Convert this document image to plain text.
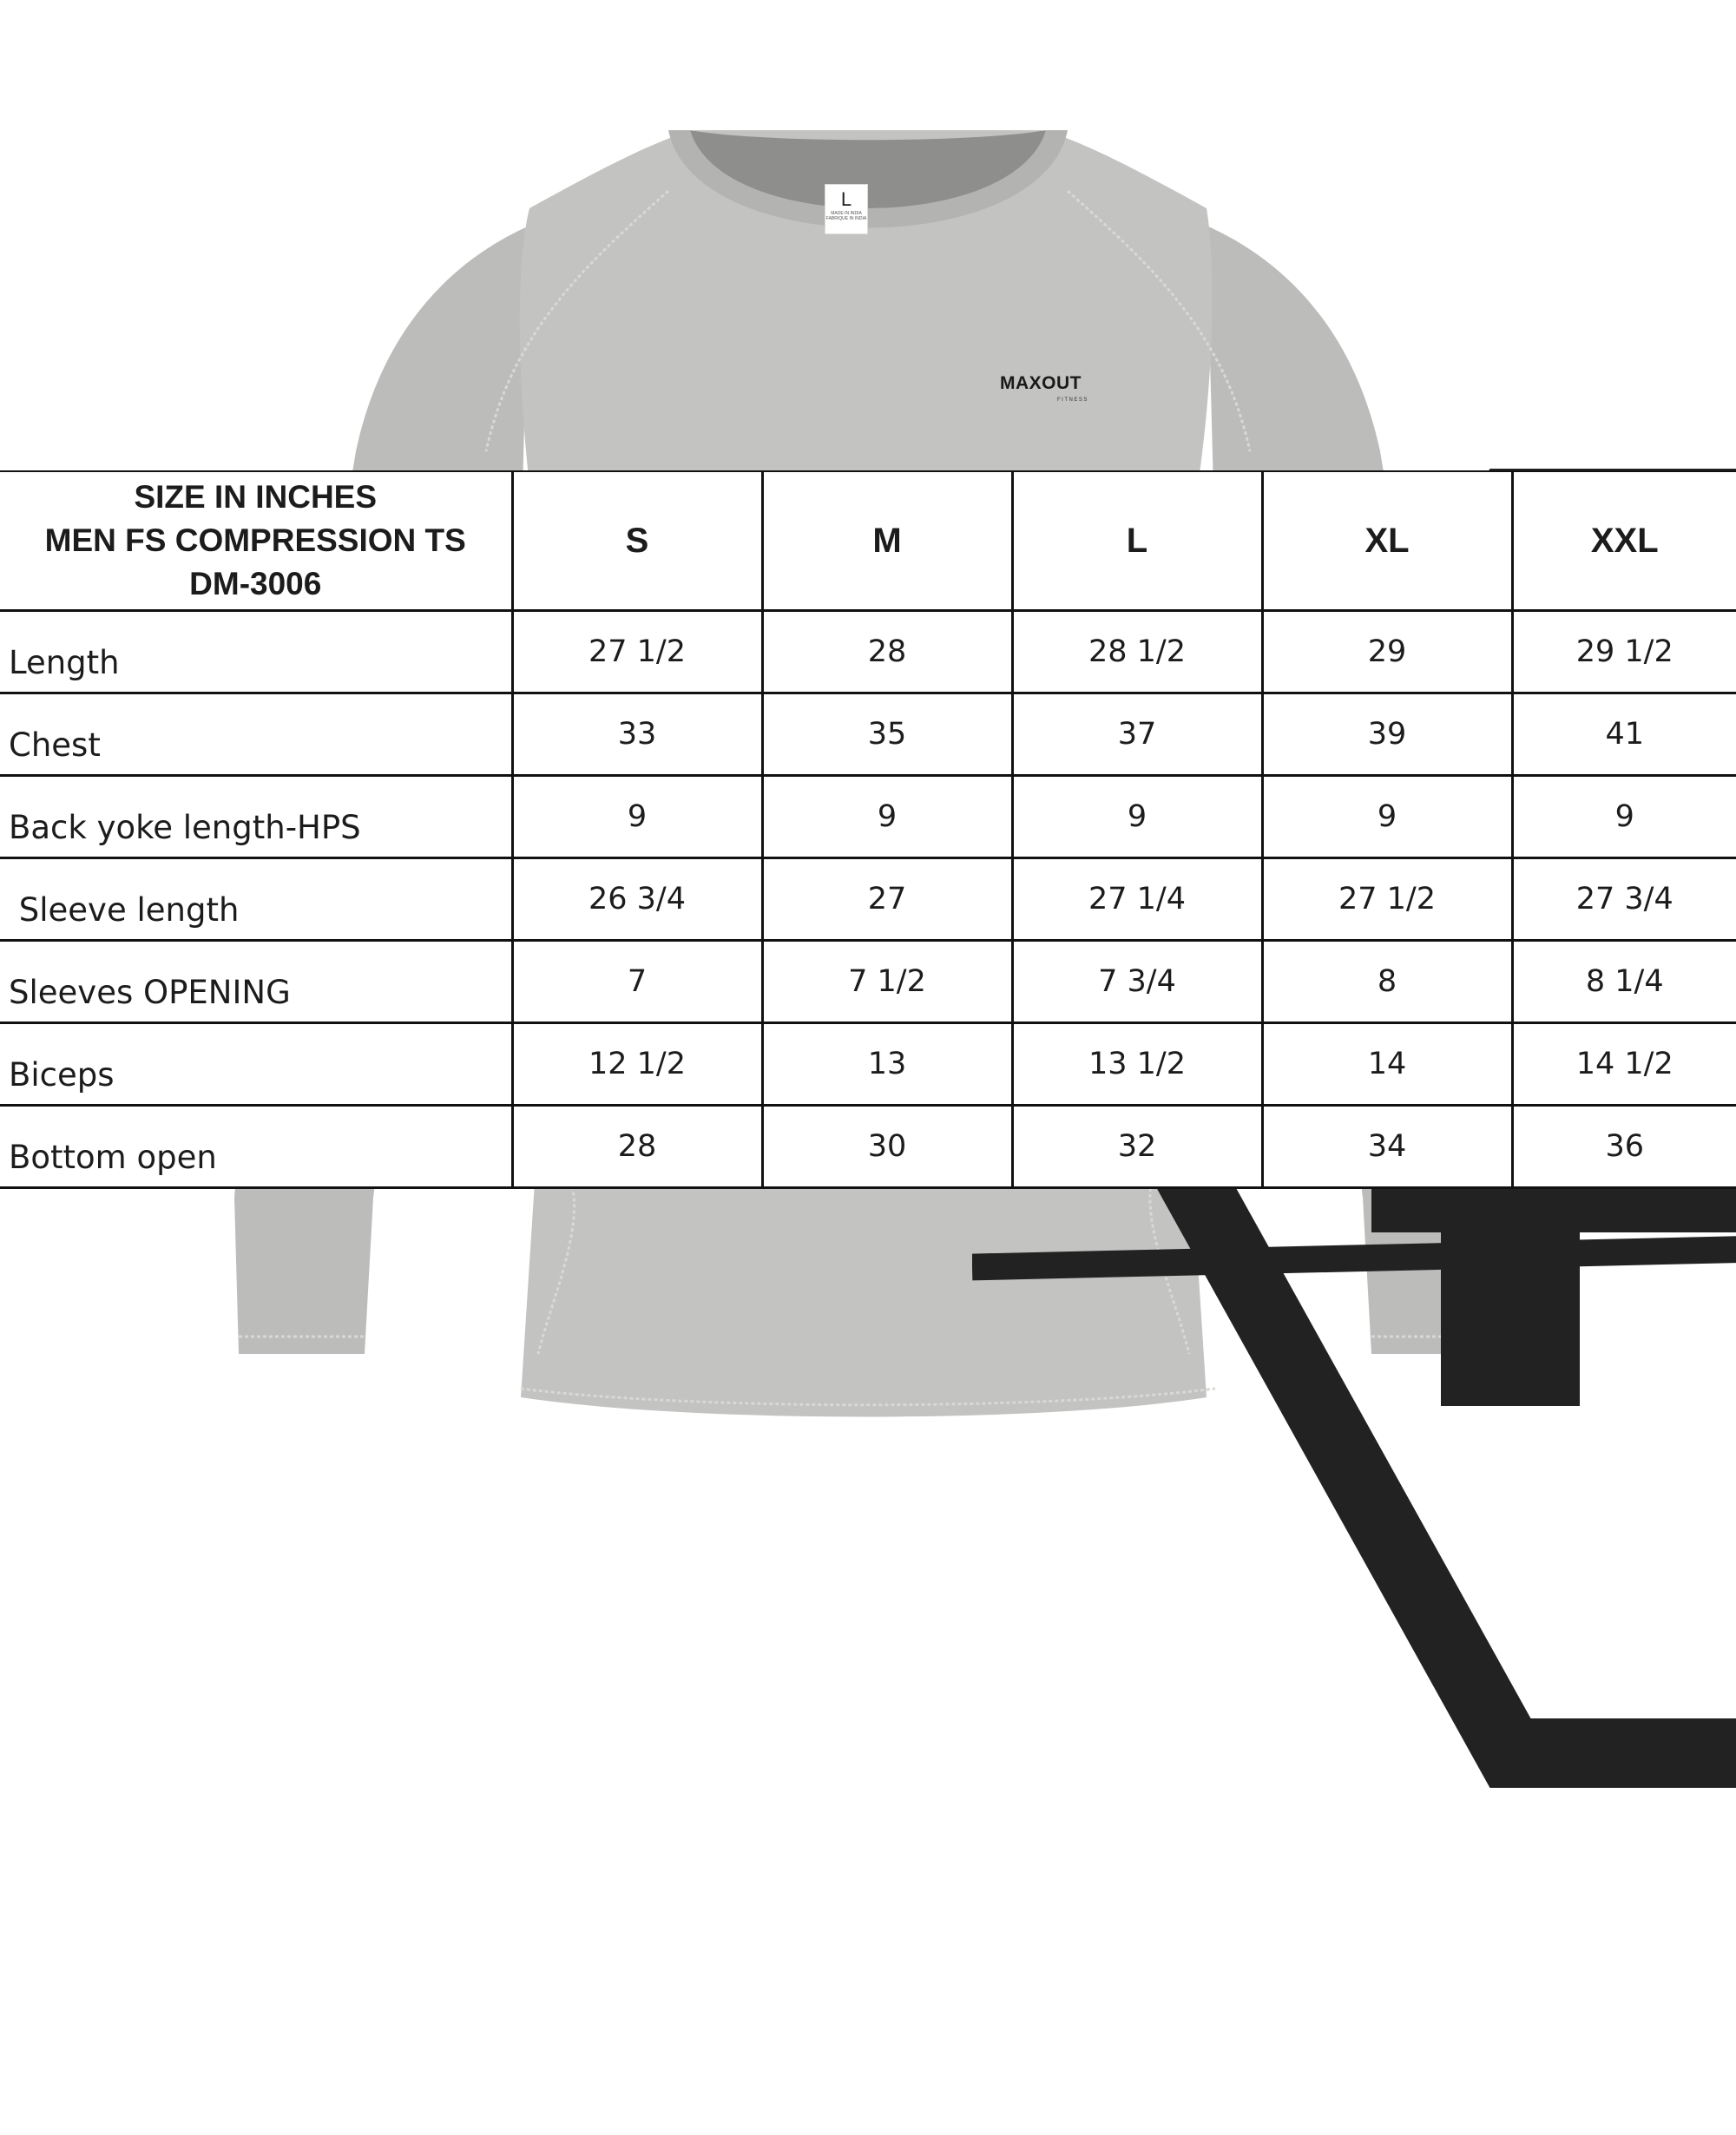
L
MADE IN INDIA
FABRIQUE IN INDIA
MAXOUT
FITNESS
SIZE IN INCHES
MEN FS COMPRESSION TS
DM-3006	S	M	L	XL	XXL
Length	27 1/2	28	28 1/2	29	29 1/2
Chest	33	35	37	39	41
Back yoke length-HPS	9	9	9	9	9
Sleeve length	26 3/4	27	27 1/4	27 1/2	27 3/4
Sleeves OPENING	7	7 1/2	7 3/4	8	8 1/4
Biceps	12 1/2	13	13 1/2	14	14 1/2
Bottom open	28	30	32	34	36
